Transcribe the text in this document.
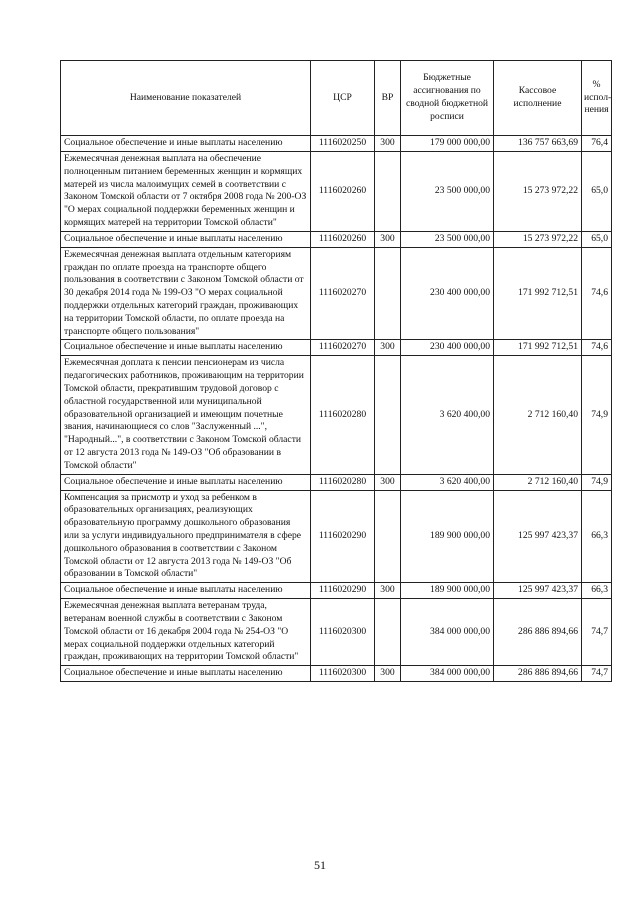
Наименование показателей	ЦСР	ВР	Бюджетные ассигнования по сводной бюджетной росписи	Кассовое исполнение	% испол-нения
Социальное обеспечение и иные выплаты населению	1116020250	300	179 000 000,00	136 757 663,69	76,4
Ежемесячная денежная выплата на обеспечение полноценным питанием беременных женщин и кормящих матерей из числа малоимущих семей в соответствии с Законом Томской области от 7 октября 2008 года № 200-ОЗ "О мерах социальной поддержки беременных женщин и кормящих матерей на территории Томской области"	1116020260		23 500 000,00	15 273 972,22	65,0
Социальное обеспечение и иные выплаты населению	1116020260	300	23 500 000,00	15 273 972,22	65,0
Ежемесячная денежная выплата отдельным категориям граждан по оплате проезда на транспорте общего пользования в соответствии с Законом Томской области от 30 декабря 2014 года № 199-ОЗ "О мерах социальной поддержки отдельных категорий граждан, проживающих на территории Томской области, по оплате проезда на транспорте общего пользования"	1116020270		230 400 000,00	171 992 712,51	74,6
Социальное обеспечение и иные выплаты населению	1116020270	300	230 400 000,00	171 992 712,51	74,6
Ежемесячная доплата к пенсии пенсионерам из числа педагогических работников, проживающим на территории Томской области, прекратившим трудовой договор с областной государственной или муниципальной образовательной организацией и имеющим почетные звания, начинающиеся со слов "Заслуженный ...", "Народный...", в соответствии с Законом Томской области от 12 августа 2013 года № 149-ОЗ "Об образовании в Томской области"	1116020280		3 620 400,00	2 712 160,40	74,9
Социальное обеспечение и иные выплаты населению	1116020280	300	3 620 400,00	2 712 160,40	74,9
Компенсация за присмотр и уход за ребенком в образовательных организациях, реализующих образовательную программу дошкольного образования или за услуги индивидуального предпринимателя в сфере дошкольного образования в соответствии с Законом Томской области от 12 августа 2013 года № 149-ОЗ "Об образовании в Томской области"	1116020290		189 900 000,00	125 997 423,37	66,3
Социальное обеспечение и иные выплаты населению	1116020290	300	189 900 000,00	125 997 423,37	66,3
Ежемесячная денежная выплата ветеранам труда, ветеранам военной службы в соответствии с Законом Томской области от 16 декабря 2004 года № 254-ОЗ "О мерах социальной поддержки отдельных категорий граждан, проживающих на территории Томской области"	1116020300		384 000 000,00	286 886 894,66	74,7
Социальное обеспечение и иные выплаты населению	1116020300	300	384 000 000,00	286 886 894,66	74,7
51
